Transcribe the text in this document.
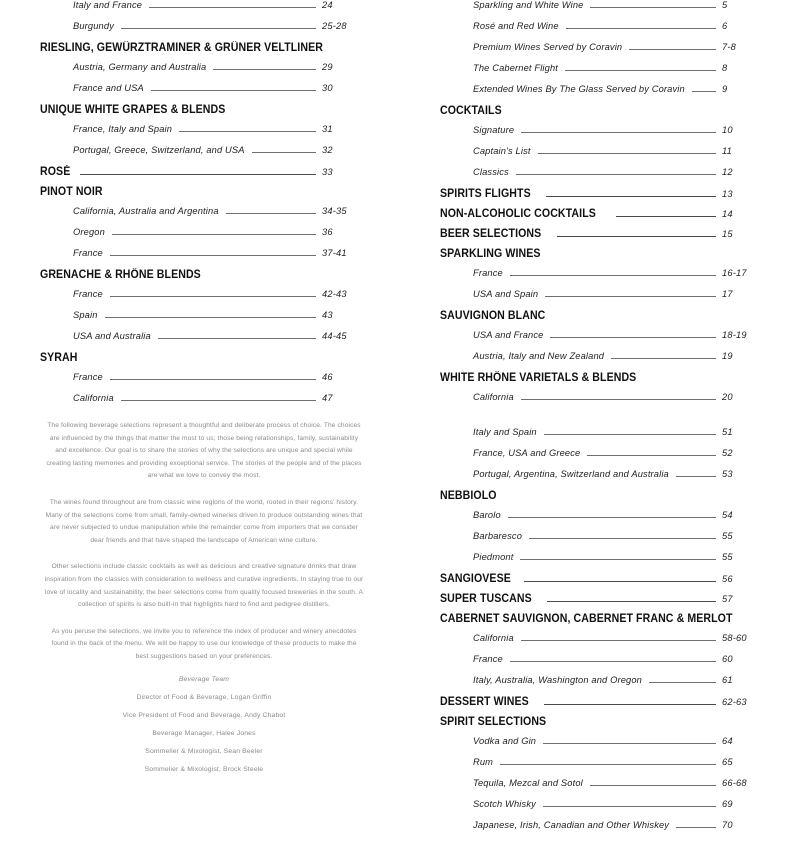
Italy and France	24
Burgundy	25-28
RIESLING, GEWÜRZTRAMINER & GRÜNER VELTLINER
Austria, Germany and Australia	29
France and USA	30
UNIQUE WHITE GRAPES & BLENDS
France, Italy and Spain	31
Portugal, Greece, Switzerland, and USA	32
ROSÉ	33
PINOT NOIR
California, Australia and Argentina	34-35
Oregon	36
France	37-41
GRENACHE & RHÔNE BLENDS
France	42-43
Spain	43
USA and Australia	44-45
SYRAH
France	46
California	47

The following beverage selections represent a thoughtful and deliberate process of choice. The choices are influenced by the things that matter the most to us; those being relationships, family, sustainability and excellence. Our goal is to share the stories of why the selections are unique and special while creating lasting memories and providing exceptional service. The stories of the people and of the places are what we love to convey the most.

The wines found throughout are from classic wine regions of the world, rooted in their regions' history. Many of the selections come from small, family-owned wineries driven to produce outstanding wines that are never subjected to undue manipulation while the remainder come from importers that we consider dear friends and that have shaped the landscape of American wine culture.

Other selections include classic cocktails as well as delicious and creative signature drinks that draw inspiration from the classics with consideration to wellness and curative ingredients. In staying true to our love of locality and sustainability, the beer selections come from quality focused breweries in the south. A collection of spirits is also built-in that highlights hard to find and pedigree distillers.

As you peruse the selections, we invite you to reference the index of producer and winery anecdotes found in the back of the menu. We will be happy to use our knowledge of these products to make the best suggestions based on your preferences.

Beverage Team
Director of Food & Beverage, Logan Griffin
Vice President of Food and Beverage, Andy Chabot
Beverage Manager, Halee Jones
Sommelier & Mixologist, Sean Beeler
Sommelier & Mixologist, Brock Steele
Sparkling and White Wine	5
Rosé and Red Wine	6
Premium Wines Served by Coravin	7-8
The Cabernet Flight	8
Extended Wines By The Glass Served by Coravin	9
COCKTAILS
Signature	10
Captain's List	11
Classics	12
SPIRITS FLIGHTS	13
NON-ALCOHOLIC COCKTAILS	14
BEER SELECTIONS	15
SPARKLING WINES
France	16-17
USA and Spain	17
SAUVIGNON BLANC
USA and France	18-19
Austria, Italy and New Zealand	19
WHITE RHÔNE VARIETALS & BLENDS
California	20
Italy and Spain	51
France, USA and Greece	52
Portugal, Argentina, Switzerland and Australia	53
NEBBIOLO
Barolo	54
Barbaresco	55
Piedmont	55
SANGIOVESE	56
SUPER TUSCANS	57
CABERNET SAUVIGNON, CABERNET FRANC & MERLOT
California	58-60
France	60
Italy, Australia, Washington and Oregon	61
DESSERT WINES	62-63
SPIRIT SELECTIONS
Vodka and Gin	64
Rum	65
Tequila, Mezcal and Sotol	66-68
Scotch Whisky	69
Japanese, Irish, Canadian and Other Whiskey	70
